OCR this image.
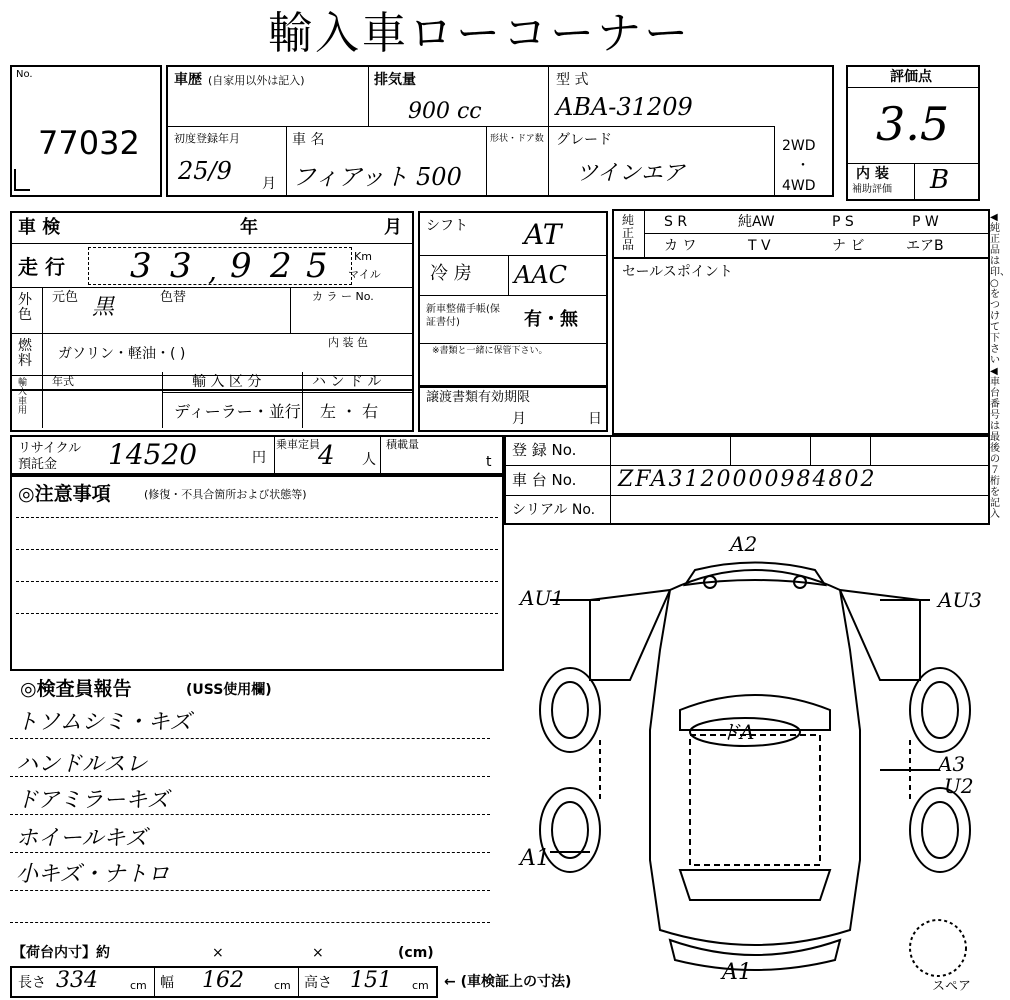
輸入車ローコーナー
No.
77032
車歴 (自家用以外は記入)	排気量
900 cc
型 式
ABA-31209
初度登録年月
25/9 月
車 名
フィアット 500
形状・ドア数 グレード
ツインエア
2WD
・
4WD
評価点
3.5
内 装
補助評価 B
車 検	年	月
走 行 3 3 , 9 2 5 Km
マイル
外色
元色 黒	色替	カ ラ ー No.
燃料 ガソリン・軽油・( )
内 装 色
輸入車用
年式	輸 入 区 分
ディーラー・並行
ハ ン ド ル
左 ・ 右
シフト AT
冷 房 AAC
新車整備手帳(保証書付)	有・無
※書類と一緒に保管下さい。
譲渡書類有効期限
月	日
純正品
S R	純AW	P S	P W
カ ワ	T V	ナ ビ	エアB
セールスポイント
リサイクル預託金	14520	円
乗車定員
4 人
積載量
t
登 録 No.
車 台 No. ZFA3120000984802
シリアル No.
◎注意事項	(修復・不具合箇所および状態等)
◎検査員報告	(USS使用欄)
トソムシミ・キズ
ハンドルスレ
ドアミラーキズ
ホイールキズ
小キズ・ナトロ
【荷台内寸】約	×	×	(cm)
長さ 334	cm 幅 162	cm 高さ 151 cm ← (車検証上の寸法)
A2
AU1	AU3
ドA
A3
U2
A1
A1
スペア
◀純正品は印、○をつけて下さい ◀車台番号は最後の７桁を記入
